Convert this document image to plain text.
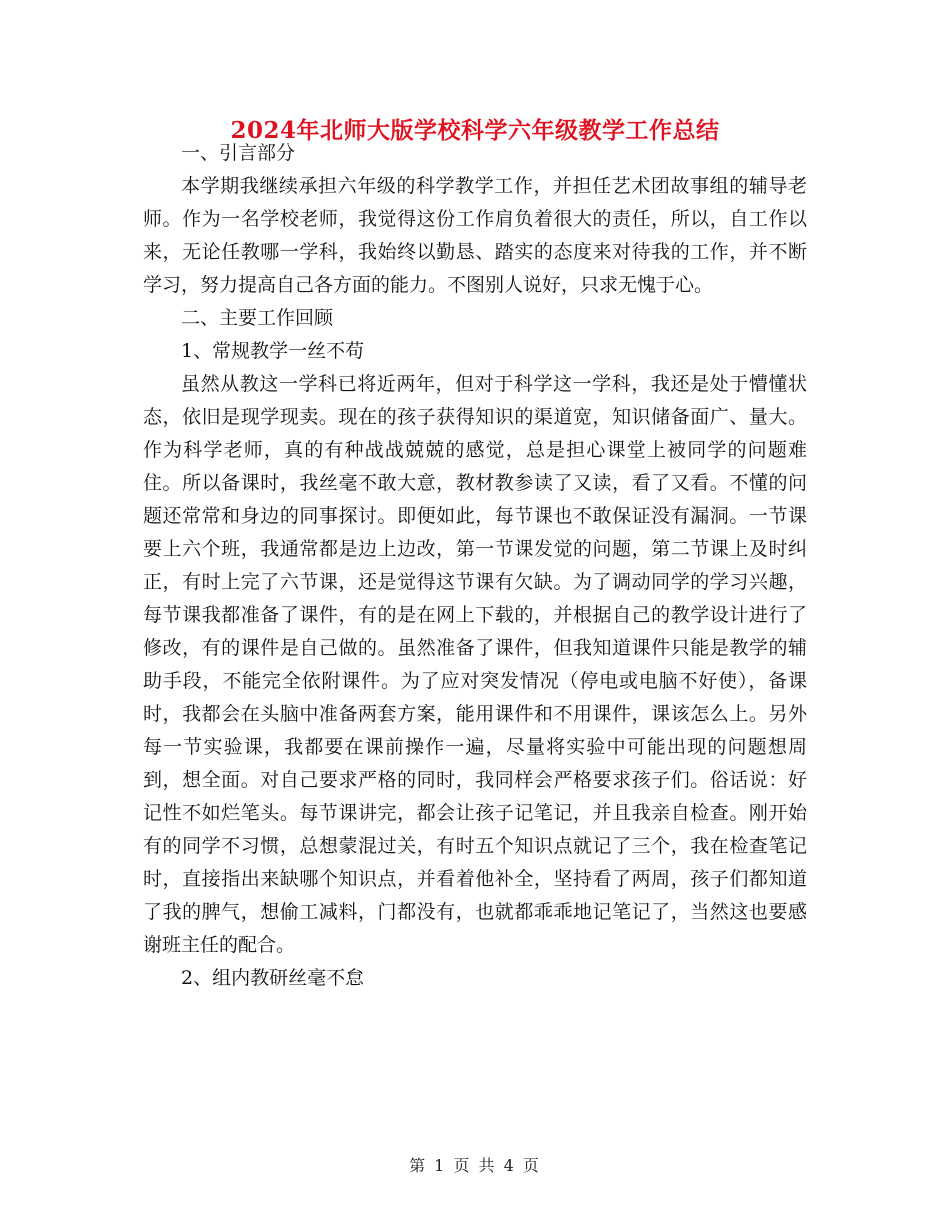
2024年北师大版学校科学六年级教学工作总结

一、引言部分

本学期我继续承担六年级的科学教学工作，并担任艺术团故事组的辅导老师。作为一名学校老师，我觉得这份工作肩负着很大的责任，所以，自工作以来，无论任教哪一学科，我始终以勤恳、踏实的态度来对待我的工作，并不断学习，努力提高自己各方面的能力。不图别人说好，只求无愧于心。

二、主要工作回顾

1、常规教学一丝不苟

虽然从教这一学科已将近两年，但对于科学这一学科，我还是处于懵懂状态，依旧是现学现卖。现在的孩子获得知识的渠道宽，知识储备面广、量大。作为科学老师，真的有种战战兢兢的感觉，总是担心课堂上被同学的问题难住。所以备课时，我丝毫不敢大意，教材教参读了又读，看了又看。不懂的问题还常常和身边的同事探讨。即便如此，每节课也不敢保证没有漏洞。一节课要上六个班，我通常都是边上边改，第一节课发觉的问题，第二节课上及时纠正，有时上完了六节课，还是觉得这节课有欠缺。为了调动同学的学习兴趣，每节课我都准备了课件，有的是在网上下载的，并根据自己的教学设计进行了修改，有的课件是自己做的。虽然准备了课件，但我知道课件只能是教学的辅助手段，不能完全依附课件。为了应对突发情况（停电或电脑不好使），备课时，我都会在头脑中准备两套方案，能用课件和不用课件，课该怎么上。另外每一节实验课，我都要在课前操作一遍，尽量将实验中可能出现的问题想周到，想全面。对自己要求严格的同时，我同样会严格要求孩子们。俗话说：好记性不如烂笔头。每节课讲完，都会让孩子记笔记，并且我亲自检查。刚开始有的同学不习惯，总想蒙混过关，有时五个知识点就记了三个，我在检查笔记时，直接指出来缺哪个知识点，并看着他补全，坚持看了两周，孩子们都知道了我的脾气，想偷工减料，门都没有，也就都乖乖地记笔记了，当然这也要感谢班主任的配合。

2、组内教研丝毫不怠

第 1 页 共 4 页
